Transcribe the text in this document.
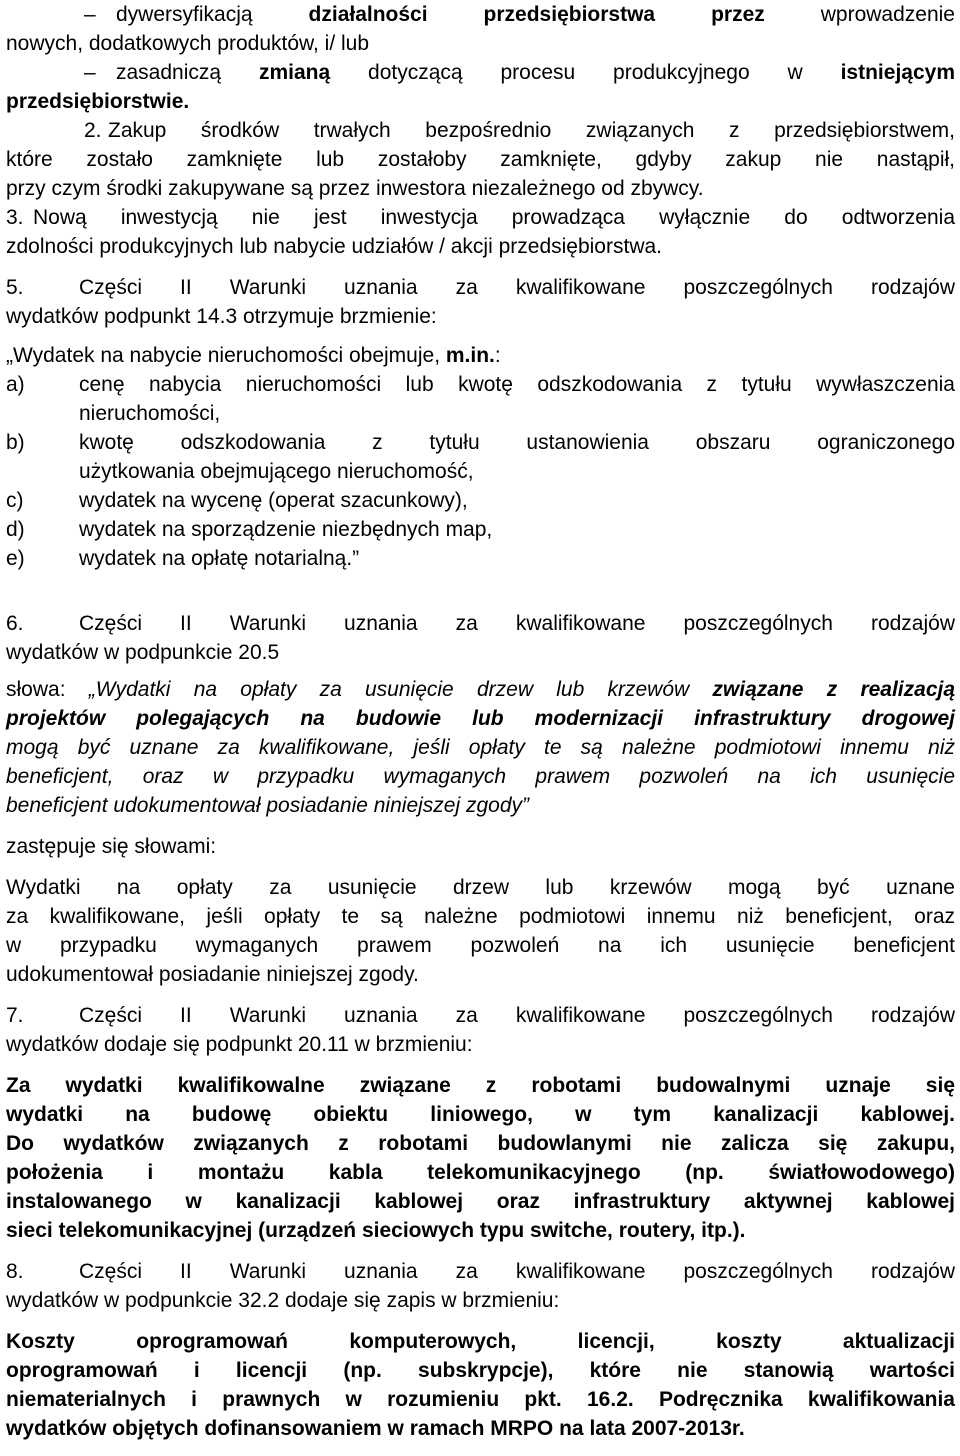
– dywersyfikacją działalności przedsiębiorstwa przez wprowadzenie

nowych, dodatkowych produktów, i/ lub

– zasadniczą zmianą dotyczącą procesu produkcyjnego w istniejącym

przedsiębiorstwie.

2. Zakup środków trwałych bezpośrednio związanych z przedsiębiorstwem,

które zostało zamknięte lub zostałoby zamknięte, gdyby zakup nie nastąpił,

przy czym środki zakupywane są przez inwestora niezależnego od zbywcy.

3. Nową inwestycją nie jest inwestycja prowadząca wyłącznie do odtworzenia

zdolności produkcyjnych lub nabycie udziałów / akcji przedsiębiorstwa.

5.	Części II Warunki uznania za kwalifikowane poszczególnych rodzajów

wydatków podpunkt 14.3 otrzymuje brzmienie:

„Wydatek na nabycie nieruchomości obejmuje, m.in.:

a)	cenę nabycia nieruchomości lub kwotę odszkodowania z tytułu wywłaszczenia
nieruchomości,
b)	kwotę odszkodowania z tytułu ustanowienia obszaru ograniczonego
użytkowania obejmującego nieruchomość,
c)	wydatek na wycenę (operat szacunkowy),
d)	wydatek na sporządzenie niezbędnych map,
e)	wydatek na opłatę notarialną.”
6.	Części II Warunki uznania za kwalifikowane poszczególnych rodzajów

wydatków w podpunkcie 20.5

słowa: „Wydatki na opłaty za usunięcie drzew lub krzewów związane z realizacją

projektów polegających na budowie lub modernizacji infrastruktury drogowej

mogą być uznane za kwalifikowane, jeśli opłaty te są należne podmiotowi innemu niż

beneficjent, oraz w przypadku wymaganych prawem pozwoleń na ich usunięcie

beneficjent udokumentował posiadanie niniejszej zgody”

zastępuje się słowami:

Wydatki na opłaty za usunięcie drzew lub krzewów mogą być uznane

za kwalifikowane, jeśli opłaty te są należne podmiotowi innemu niż beneficjent, oraz

w przypadku wymaganych prawem pozwoleń na ich usunięcie beneficjent

udokumentował posiadanie niniejszej zgody.

7.	Części II Warunki uznania za kwalifikowane poszczególnych rodzajów

wydatków dodaje się podpunkt 20.11 w brzmieniu:

Za wydatki kwalifikowalne związane z robotami budowalnymi uznaje się

wydatki na budowę obiektu liniowego, w tym kanalizacji kablowej.

Do wydatków związanych z robotami budowlanymi nie zalicza się zakupu,

położenia i montażu kabla telekomunikacyjnego (np. światłowodowego)

instalowanego w kanalizacji kablowej oraz infrastruktury aktywnej kablowej

sieci telekomunikacyjnej (urządzeń sieciowych typu switche, routery, itp.).

8.	Części II Warunki uznania za kwalifikowane poszczególnych rodzajów

wydatków w podpunkcie 32.2 dodaje się zapis w brzmieniu:

Koszty oprogramowań komputerowych, licencji, koszty aktualizacji

oprogramowań i licencji (np. subskrypcje), które nie stanowią wartości

niematerialnych i prawnych w rozumieniu pkt. 16.2. Podręcznika kwalifikowania

wydatków objętych dofinansowaniem w ramach MRPO na lata 2007-2013r.
